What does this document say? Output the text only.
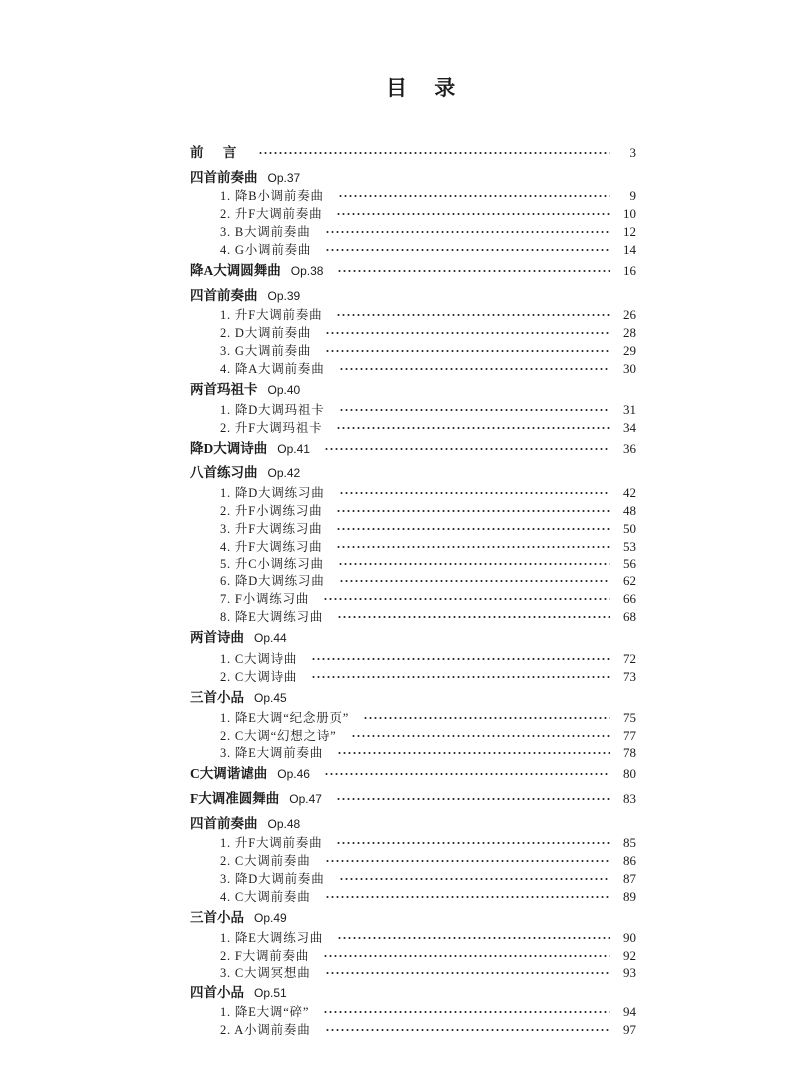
目 录
前 言	3
四首前奏曲 Op.37
1. 降B小调前奏曲	9
2. 升F大调前奏曲	10
3. B大调前奏曲	12
4. G小调前奏曲	14
降A大调圆舞曲 Op.38	16
四首前奏曲 Op.39
1. 升F大调前奏曲	26
2. D大调前奏曲	28
3. G大调前奏曲	29
4. 降A大调前奏曲	30
两首玛祖卡 Op.40
1. 降D大调玛祖卡	31
2. 升F大调玛祖卡	34
降D大调诗曲 Op.41	36
八首练习曲 Op.42
1. 降D大调练习曲	42
2. 升F小调练习曲	48
3. 升F大调练习曲	50
4. 升F大调练习曲	53
5. 升C小调练习曲	56
6. 降D大调练习曲	62
7. F小调练习曲	66
8. 降E大调练习曲	68
两首诗曲 Op.44
1. C大调诗曲	72
2. C大调诗曲	73
三首小品 Op.45
1. 降E大调“纪念册页”	75
2. C大调“幻想之诗”	77
3. 降E大调前奏曲	78
C大调谐谑曲 Op.46	80
F大调准圆舞曲 Op.47	83
四首前奏曲 Op.48
1. 升F大调前奏曲	85
2. C大调前奏曲	86
3. 降D大调前奏曲	87
4. C大调前奏曲	89
三首小品 Op.49
1. 降E大调练习曲	90
2. F大调前奏曲	92
3. C大调冥想曲	93
四首小品 Op.51
1. 降E大调“碎”	94
2. A小调前奏曲	97
